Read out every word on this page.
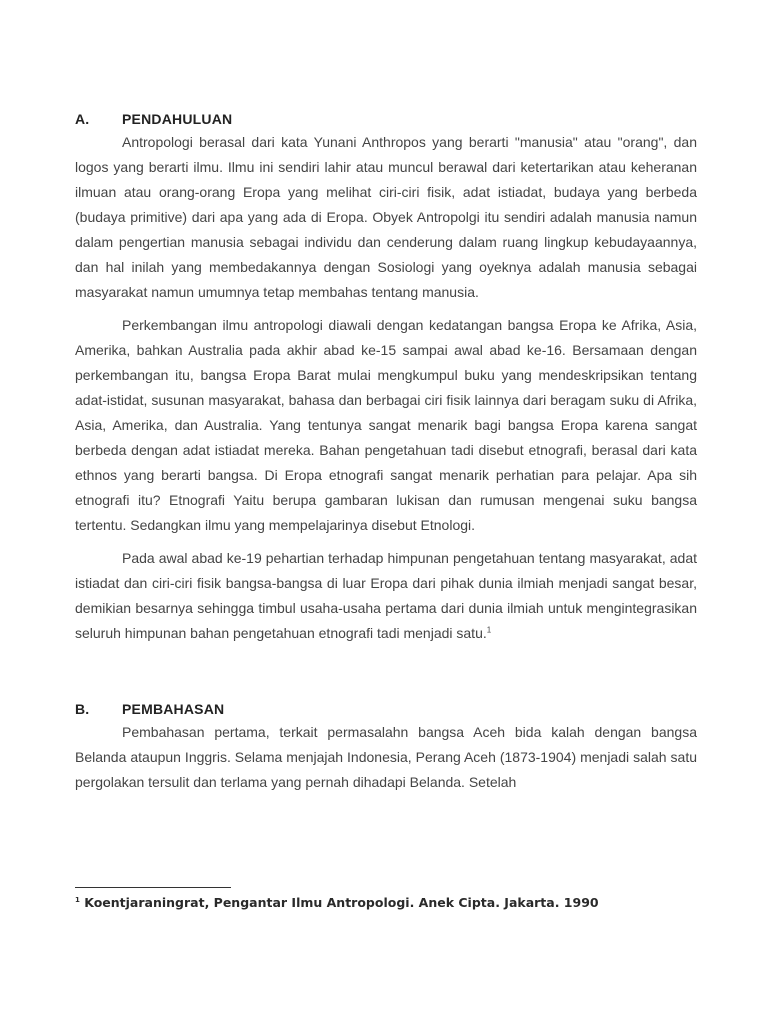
A.	PENDAHULUAN

Antropologi berasal dari kata Yunani Anthropos yang berarti "manusia" atau "orang", dan logos yang berarti ilmu. Ilmu ini sendiri lahir atau muncul berawal dari ketertarikan atau keheranan ilmuan atau orang-orang Eropa yang melihat ciri-ciri fisik, adat istiadat, budaya yang berbeda (budaya primitive) dari apa yang ada di Eropa. Obyek Antropolgi itu sendiri adalah manusia namun dalam pengertian manusia sebagai individu dan cenderung dalam ruang lingkup kebudayaannya, dan hal inilah yang membedakannya dengan Sosiologi yang oyeknya adalah manusia sebagai masyarakat namun umumnya tetap membahas tentang manusia.

Perkembangan ilmu antropologi diawali dengan kedatangan bangsa Eropa ke Afrika, Asia, Amerika, bahkan Australia pada akhir abad ke-15 sampai awal abad ke-16. Bersamaan dengan perkembangan itu, bangsa Eropa Barat mulai mengkumpul buku yang mendeskripsikan tentang adat-istidat, susunan masyarakat, bahasa dan berbagai ciri fisik lainnya dari beragam suku di Afrika, Asia, Amerika, dan Australia. Yang tentunya sangat menarik bagi bangsa Eropa karena sangat berbeda dengan adat istiadat mereka. Bahan pengetahuan tadi disebut etnografi, berasal dari kata ethnos yang berarti bangsa. Di Eropa etnografi sangat menarik perhatian para pelajar. Apa sih etnografi itu? Etnografi Yaitu berupa gambaran lukisan dan rumusan mengenai suku bangsa tertentu. Sedangkan ilmu yang mempelajarinya disebut Etnologi.

Pada awal abad ke-19 pehartian terhadap himpunan pengetahuan tentang masyarakat, adat istiadat dan ciri-ciri fisik bangsa-bangsa di luar Eropa dari pihak dunia ilmiah menjadi sangat besar, demikian besarnya sehingga timbul usaha-usaha pertama dari dunia ilmiah untuk mengintegrasikan seluruh himpunan bahan pengetahuan etnografi tadi menjadi satu.$^1$

B.	PEMBAHASAN

Pembahasan pertama, terkait permasalahn bangsa Aceh bida kalah dengan bangsa Belanda ataupun Inggris. Selama menjajah Indonesia, Perang Aceh (1873-1904) menjadi salah satu pergolakan tersulit dan terlama yang pernah dihadapi Belanda. Setelah

$^1$ Koentjaraningrat, Pengantar Ilmu Antropologi. Anek Cipta. Jakarta. 1990
